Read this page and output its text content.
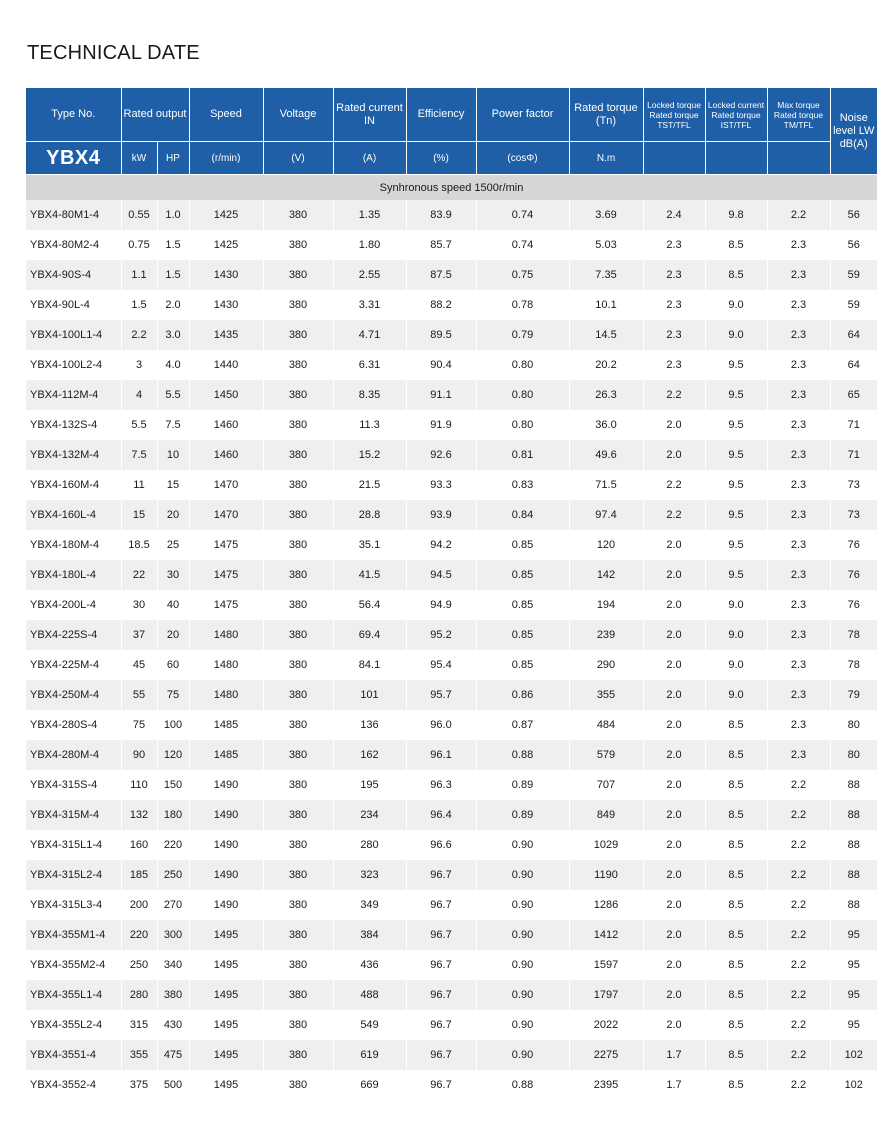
TECHNICAL DATE
Type No.	Rated output		Speed	Voltage	Rated current IN	Efficiency	Power factor	Rated torque (Tn)	Locked torque Rated torque TST/TFL	Locked current Rated torque IST/TFL	Max torque Rated torque TM/TFL	Noise level LW dB(A)
YBX4	kW	HP	(r/min)	(V)	(A)	(%)	(cosΦ)	N.m				
Synhronous speed 1500r/min												
YBX4-80M1-4	0.55	1.0	1425	380	1.35	83.9	0.74	3.69	2.4	9.8	2.2	56
YBX4-80M2-4	0.75	1.5	1425	380	1.80	85.7	0.74	5.03	2.3	8.5	2.3	56
YBX4-90S-4	1.1	1.5	1430	380	2.55	87.5	0.75	7.35	2.3	8.5	2.3	59
YBX4-90L-4	1.5	2.0	1430	380	3.31	88.2	0.78	10.1	2.3	9.0	2.3	59
YBX4-100L1-4	2.2	3.0	1435	380	4.71	89.5	0.79	14.5	2.3	9.0	2.3	64
YBX4-100L2-4	3	4.0	1440	380	6.31	90.4	0.80	20.2	2.3	9.5	2.3	64
YBX4-112M-4	4	5.5	1450	380	8.35	91.1	0.80	26.3	2.2	9.5	2.3	65
YBX4-132S-4	5.5	7.5	1460	380	11.3	91.9	0.80	36.0	2.0	9.5	2.3	71
YBX4-132M-4	7.5	10	1460	380	15.2	92.6	0.81	49.6	2.0	9.5	2.3	71
YBX4-160M-4	11	15	1470	380	21.5	93.3	0.83	71.5	2.2	9.5	2.3	73
YBX4-160L-4	15	20	1470	380	28.8	93.9	0.84	97.4	2.2	9.5	2.3	73
YBX4-180M-4	18.5	25	1475	380	35.1	94.2	0.85	120	2.0	9.5	2.3	76
YBX4-180L-4	22	30	1475	380	41.5	94.5	0.85	142	2.0	9.5	2.3	76
YBX4-200L-4	30	40	1475	380	56.4	94.9	0.85	194	2.0	9.0	2.3	76
YBX4-225S-4	37	20	1480	380	69.4	95.2	0.85	239	2.0	9.0	2.3	78
YBX4-225M-4	45	60	1480	380	84.1	95.4	0.85	290	2.0	9.0	2.3	78
YBX4-250M-4	55	75	1480	380	101	95.7	0.86	355	2.0	9.0	2.3	79
YBX4-280S-4	75	100	1485	380	136	96.0	0.87	484	2.0	8.5	2.3	80
YBX4-280M-4	90	120	1485	380	162	96.1	0.88	579	2.0	8.5	2.3	80
YBX4-315S-4	110	150	1490	380	195	96.3	0.89	707	2.0	8.5	2.2	88
YBX4-315M-4	132	180	1490	380	234	96.4	0.89	849	2.0	8.5	2.2	88
YBX4-315L1-4	160	220	1490	380	280	96.6	0.90	1029	2.0	8.5	2.2	88
YBX4-315L2-4	185	250	1490	380	323	96.7	0.90	1190	2.0	8.5	2.2	88
YBX4-315L3-4	200	270	1490	380	349	96.7	0.90	1286	2.0	8.5	2.2	88
YBX4-355M1-4	220	300	1495	380	384	96.7	0.90	1412	2.0	8.5	2.2	95
YBX4-355M2-4	250	340	1495	380	436	96.7	0.90	1597	2.0	8.5	2.2	95
YBX4-355L1-4	280	380	1495	380	488	96.7	0.90	1797	2.0	8.5	2.2	95
YBX4-355L2-4	315	430	1495	380	549	96.7	0.90	2022	2.0	8.5	2.2	95
YBX4-3551-4	355	475	1495	380	619	96.7	0.90	2275	1.7	8.5	2.2	102
YBX4-3552-4	375	500	1495	380	669	96.7	0.88	2395	1.7	8.5	2.2	102
